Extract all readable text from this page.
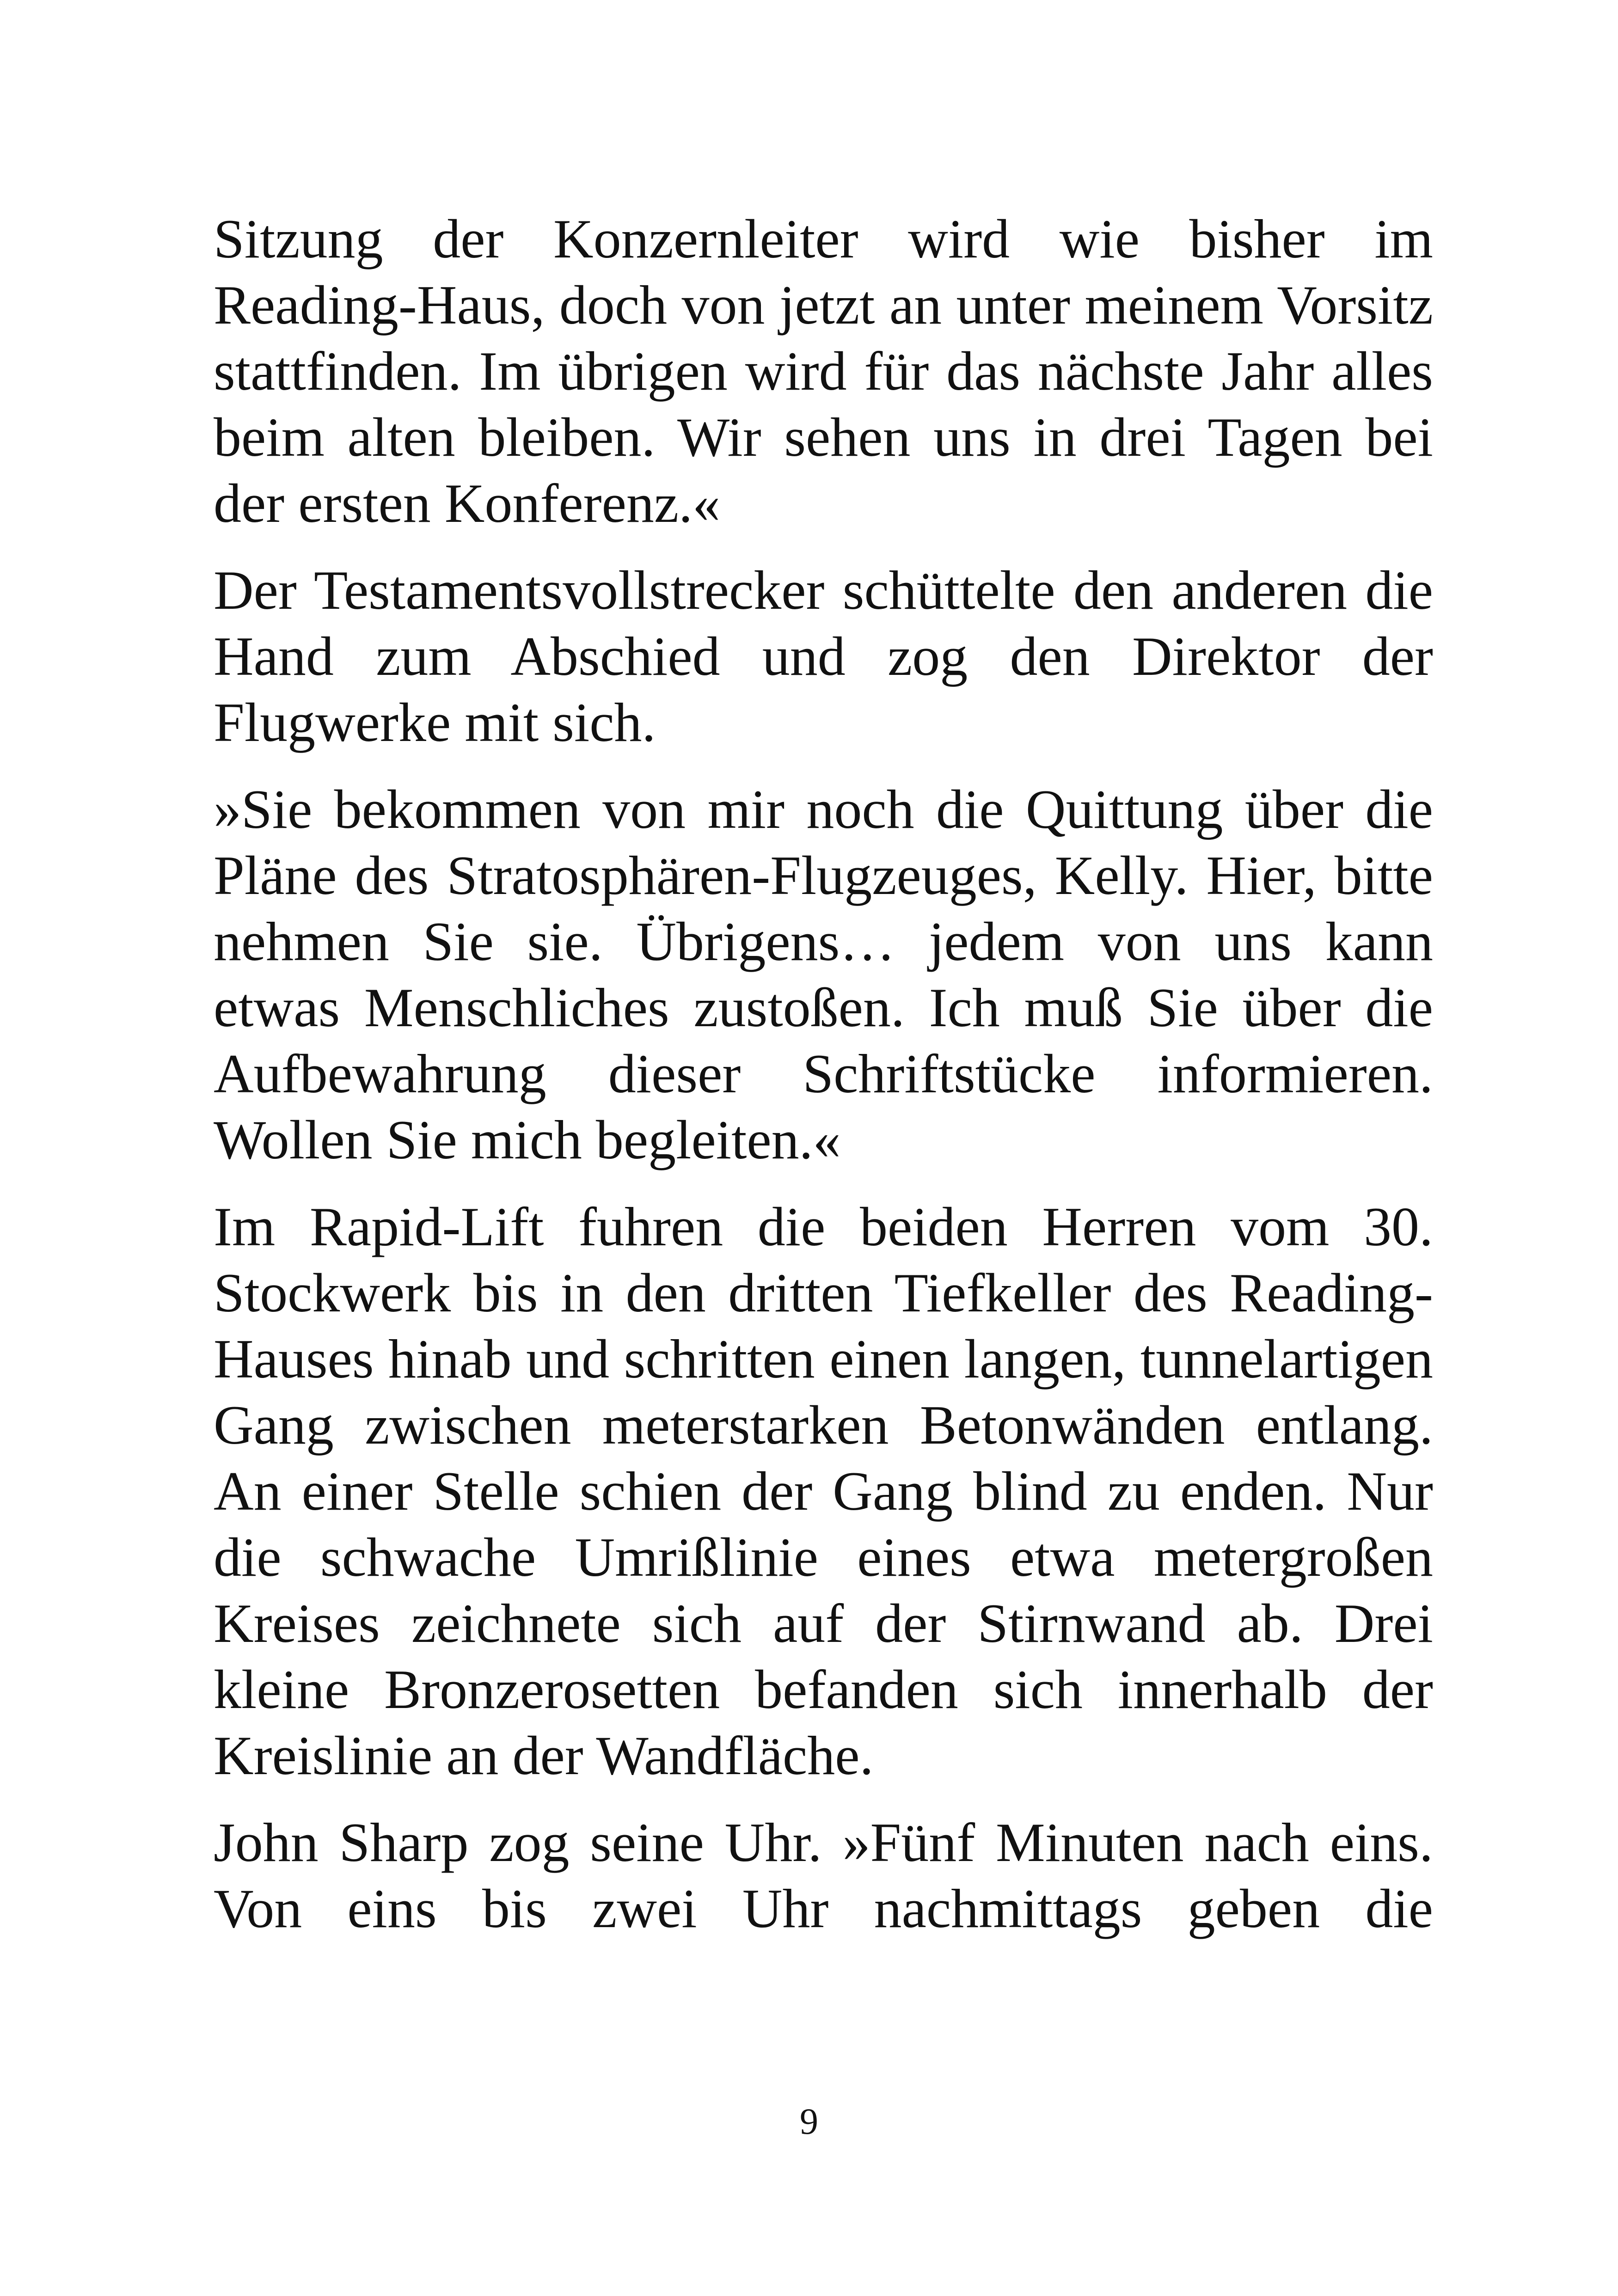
Sitzung der Konzernleiter wird wie bisher im Reading-Haus, doch von jetzt an unter meinem Vorsitz stattfinden. Im übrigen wird für das nächste Jahr alles beim alten bleiben. Wir sehen uns in drei Tagen bei der ersten Konferenz.«

Der Testamentsvollstrecker schüttelte den anderen die Hand zum Abschied und zog den Direktor der Flugwerke mit sich.

»Sie bekommen von mir noch die Quittung über die Pläne des Stratosphären-Flugzeuges, Kelly. Hier, bitte nehmen Sie sie. Übrigens… jedem von uns kann etwas Menschliches zustoßen. Ich muß Sie über die Aufbewahrung dieser Schriftstücke informieren. Wollen Sie mich begleiten.«

Im Rapid-Lift fuhren die beiden Herren vom 30. Stockwerk bis in den dritten Tiefkeller des Reading-Hauses hinab und schritten einen langen, tunnelartigen Gang zwischen meterstarken Betonwänden entlang. An einer Stelle schien der Gang blind zu enden. Nur die schwache Umrißlinie eines etwa metergroßen Kreises zeichnete sich auf der Stirnwand ab. Drei kleine Bronzerosetten befanden sich innerhalb der Kreislinie an der Wandfläche.

John Sharp zog seine Uhr. »Fünf Minuten nach eins. Von eins bis zwei Uhr nachmittags geben die

9
